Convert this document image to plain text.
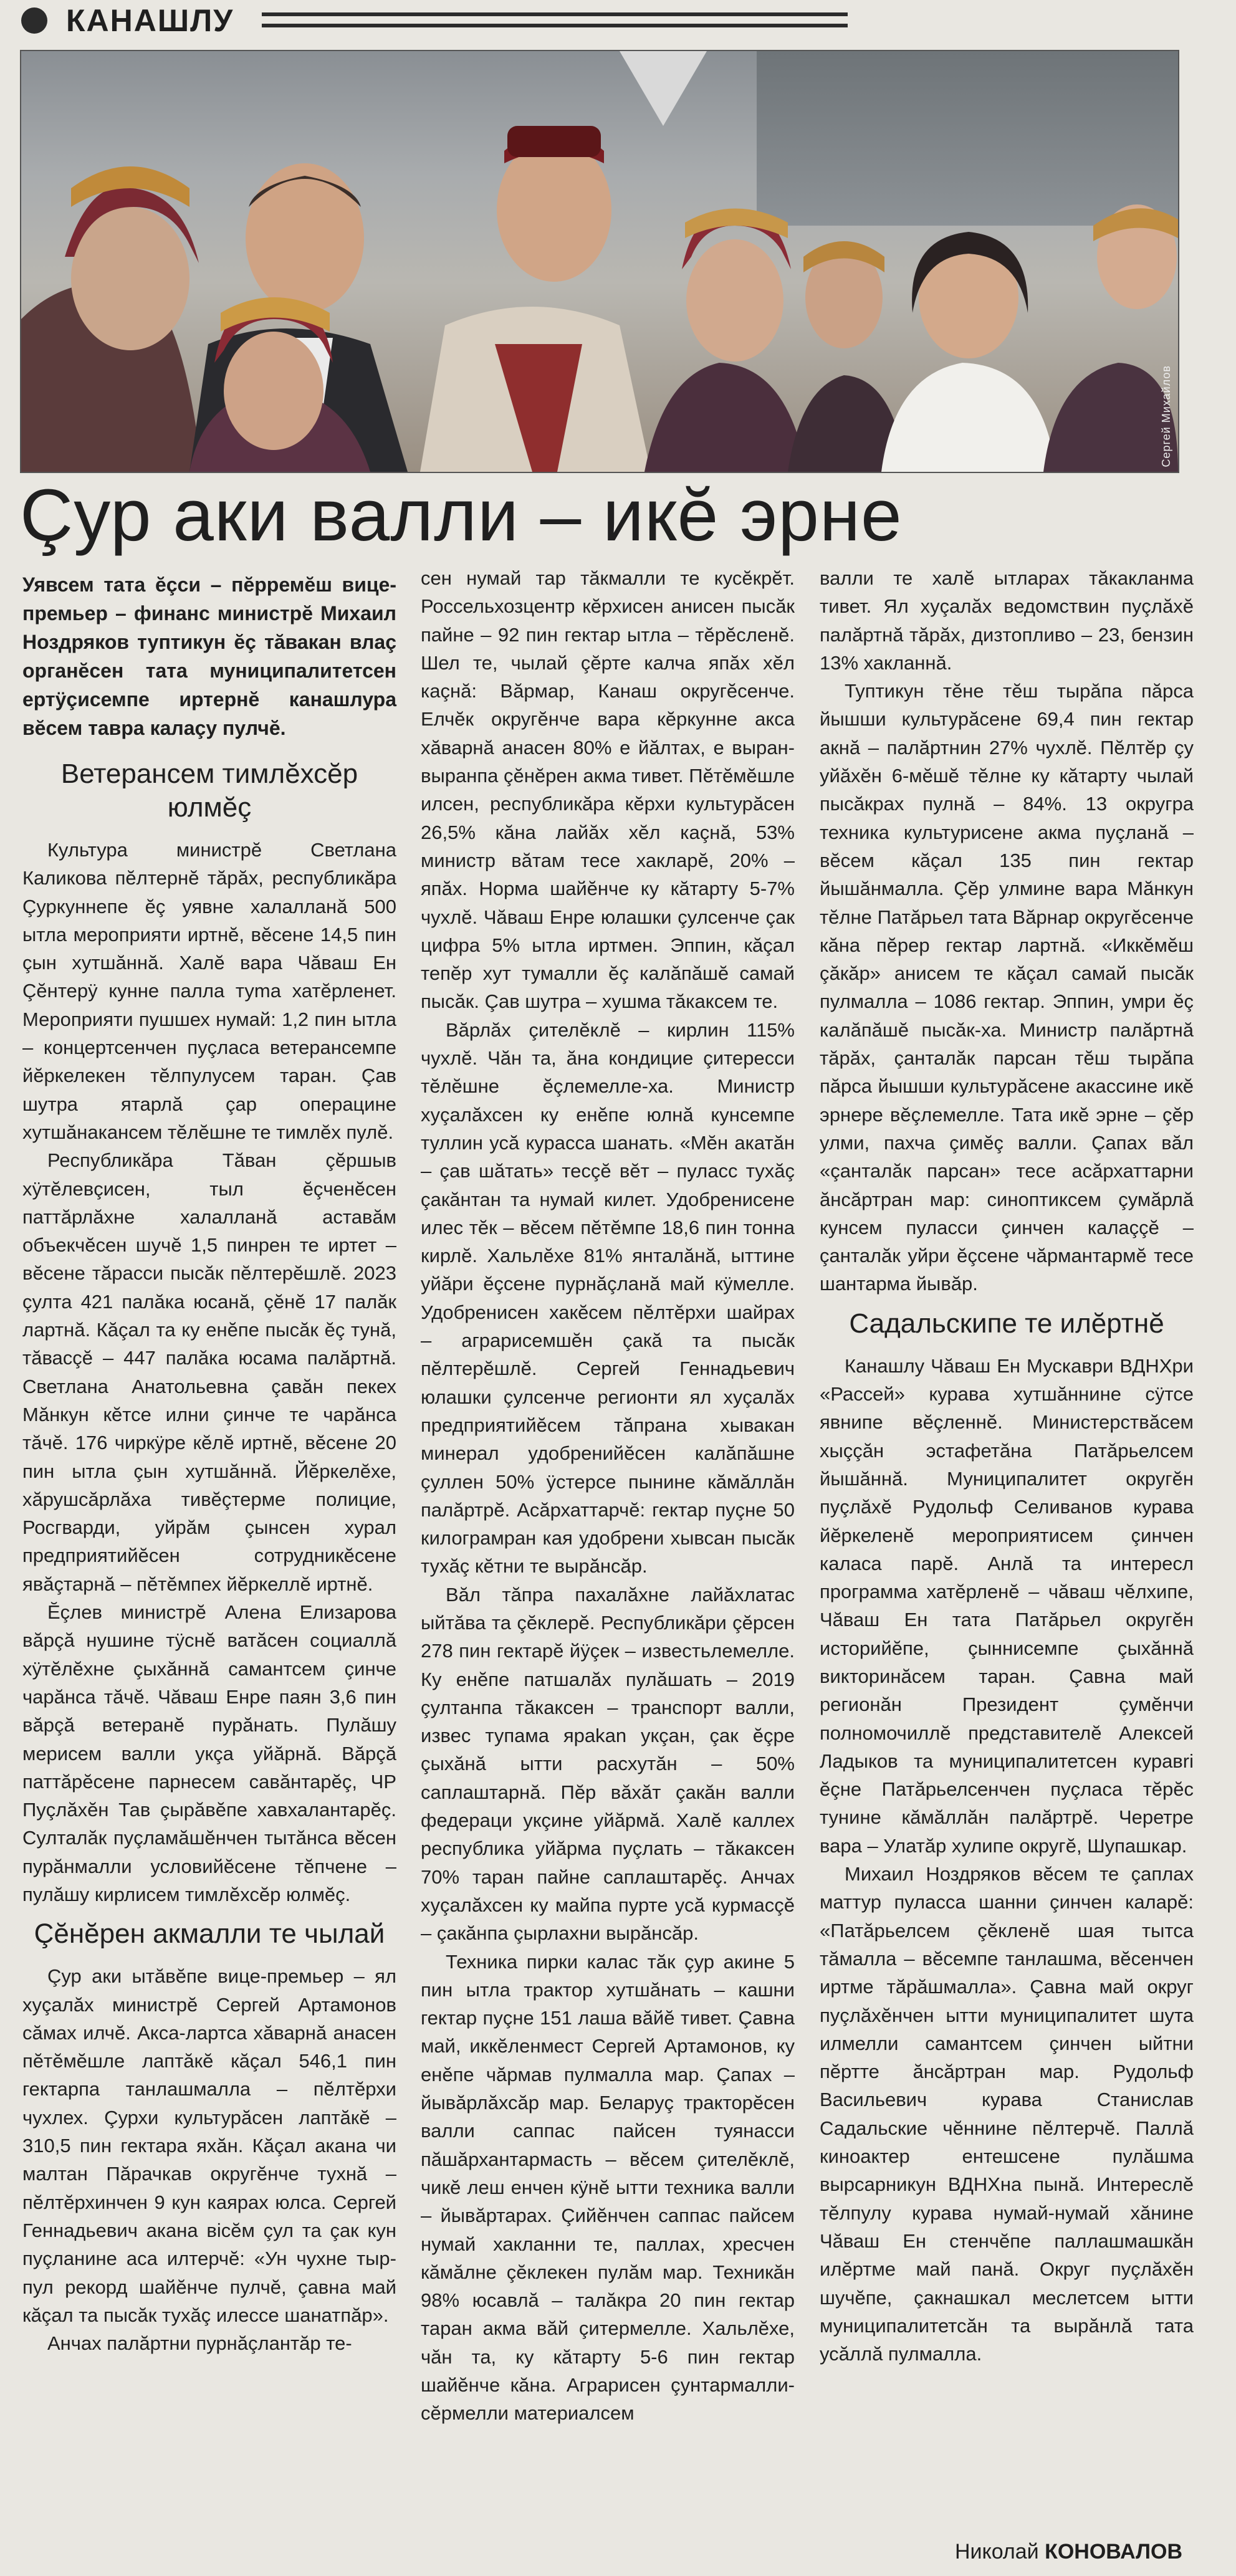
КАНАШЛУ
Сергей Михайлов
Çур аки валли – икĕ эрне

Уявсем тата ĕçси – пĕрремĕш вице-премьер – финанс министрĕ Михаил Ноздряков туптикун ĕç тăвакан влаç органĕсен тата муниципалитетсен ертÿçисемпе иртернĕ канашлура вĕсем тавра калаçу пулчĕ.

Ветерансем тимлĕхсĕр юлмĕç

Культура министрĕ Светлана Каликова пĕлтернĕ тăрăх, республикăра Çуркуннепе ĕç уявне халалланă 500 ытла мероприяти иртнĕ, вĕсене 14,5 пин çын хутшăннă. Халĕ вара Чăваш Ен Çĕнтерÿ кунне палла туma хатĕрленет. Мероприяти пушшех нумай: 1,2 пин ытла – концертсенчен пуçласа ветерансемпе йĕркелекен тĕлпулусем таран. Çав шутра ятарлă çар операцине хутшăнакансем тĕлĕшне те тимлĕх пулĕ.

Республикăра Тăван çĕршыв хÿтĕлевçисен, тыл ĕçченĕсен паттăрлăхне халалланă аставăм объекчĕсен шучĕ 1,5 пинрен те иртет – вĕсене тăрасси пысăк пĕлтерĕшлĕ. 2023 çулта 421 палăка юсанă, çĕнĕ 17 палăк лартнă. Кăçал та ку енĕпе пысăк ĕç тунă, тăвасçĕ – 447 палăка юсама палăртнă. Светлана Анатольевна çавăн пекех Мăнкун кĕтсе илни çинче те чарăнса тăчĕ. 176 чиркÿре кĕлĕ иртнĕ, вĕсене 20 пин ытла çын хутшăннă. Йĕркелĕхе, хăрушсăрлăха тивĕçтерме полицие, Росгварди, уйрăм çынсен хурал предприятийĕсен сотрудникĕсене явăçтарнă – пĕтĕмпех йĕркеллĕ иртнĕ.

Ĕçлев министрĕ Алена Елизарова вăрçă нушине тÿснĕ ватăсен социаллă хÿтĕлĕхне çыхăннă самантсем çинче чарăнса тăчĕ. Чăваш Енре паян 3,6 пин вăрçă ветеранĕ пурăнать. Пулăшу мерисем валли укçа уйăрнă. Вăрçă паттăрĕсене парнесем савăнтарĕç, ЧР Пуçлăхĕн Тав çырăвĕпе хавхалантарĕç. Султалăк пуçламăшĕнчен тытăнса вĕсен пурăнмалли условийĕсене тĕпчене – пулăшу кирлисем тимлĕхсĕр юлмĕç.

Çĕнĕрен акмалли те чылай

Çур аки ытăвĕпе вице-премьер – ял хуçалăх министрĕ Сергей Артамонов сăмах илчĕ. Акса-лартса хăварнă анасен пĕтĕмĕшле лаптăкĕ кăçал 546,1 пин гектарпа танлашмалла – пĕлтĕрхи чухлех. Çурхи культурăсен лаптăкĕ – 310,5 пин гектара яхăн. Кăçал акана чи малтан Пăрачкав округĕнче тухнă – пĕлтĕрхинчен 9 кун каярах юлса. Сергей Геннадьевич акана вісĕм çул та çак кун пуçланине аса илтерчĕ: «Ун чухне тыр-пул рекорд шайĕнче пулчĕ, çавна май кăçал та пысăк тухăç илессе шанатпăр».

Анчах палăртни пурнăçлантăр те-

сен нумай тар тăкмалли те кусĕкрĕт. Россельхозцентр кĕрхисен анисен пысăк пайне – 92 пин гектар ытла – тĕрĕсленĕ. Шел те, чылай çĕрте калча япăх хĕл каçнă: Вăрмар, Канаш округĕсенче. Елчĕк округĕнче вара кĕркунне акса хăварнă анасен 80% е йăлтах, е выран-выранпа çĕнĕрен акма тивет. Пĕтĕмĕшле илсен, республикăра кĕрхи культурăсен 26,5% кăна лайăх хĕл каçнă, 53% министр вăтам тесе хакларĕ, 20% – япăх. Норма шайĕнче ку кăтарту 5-7% чухлĕ. Чăваш Енре юлашки çулсенче çак цифра 5% ытла иртмен. Эппин, кăçал тепĕр хут тумалли ĕç калăпăшĕ самай пысăк. Çав шутра – хушма тăкаксем те.

Вăрлăх çителĕклĕ – кирлин 115% чухлĕ. Чăн та, ăна кондицие çитересси тĕлĕшне ĕçлемелле-ха. Министр хуçалăхсен ку енĕпе юлнă кунсемпе туллин усă курасса шанать. «Мĕн акатăн – çав шăтать» тесçĕ вĕт – пуласс тухăç çакăнтан та нумай килет. Удобренисене илес тĕк – вĕсем пĕтĕмпе 18,6 пин тонна кирлĕ. Хальлĕхе 81% янталăнă, ыттине уйăри ĕçсене пурнăçланă май кÿмелле. Удобренисен хакĕсем пĕлтĕрхи шайрах – аграрисемшĕн çакă та пысăк пĕлтерĕшлĕ. Сергей Геннадьевич юлашки çулсенче регионти ял хуçалăх предприятийĕсем тăпрана хывакан минерал удобренийĕсен калăпăшне çуллен 50% ÿстерсе пынине кăмăллăн палăртрĕ. Асăрхаттарчĕ: гектар пуçне 50 килограмран кая удобрени хывсан пысăк тухăç кĕтни те вырăнсăр.

Вăл тăпра пахалăхне лайăхлатас ыйтăва та çĕклерĕ. Республикăри çĕрсен 278 пин гектарĕ йÿçек – известьлемелле. Ку енĕпе патшалăх пулăшать – 2019 çултанпа тăкаксен – транспорт валли, извес тупама ярakan укçан, çак ĕçре çыхăнă ытти расхутăн – 50% саплаштарнă. Пĕр вăхăт çакăн валли федераци укçине уйăрмă. Халĕ каллех республика уйăрма пуçлать – тăкаксен 70% таран пайне саплаштарĕç. Анчах хуçалăхсен ку майпа пурте усă курмасçĕ – çакăнпа çырлахни вырăнсăр.

Техника пирки калас тăк çур акине 5 пин ытла трактор хутшăнать – кашни гектар пуçне 151 лаша вăйĕ тивет. Çавна май, иккĕленмест Сергей Артамонов, ку енĕпе чăрмав пулмалла мар. Çапах – йывăрлăхсăр мар. Беларуç тракторĕсен валли саппас пайсен туянасси пăшăрхантармасть – вĕсем çителĕклĕ, чикĕ леш енчен кÿнĕ ытти техника валли – йывăртарах. Çийĕнчен саппас пайсем нумай хакланни те, паллах, хресчен кăмăлне çĕклекен пулăм мар. Техникăн 98% юсавлă – талăкра 20 пин гектар таран акма вăй çитермелле. Хальлĕхе, чăн та, ку кăтарту 5-6 пин гектар шайĕнче кăна. Аграрисен çунтармалли-сĕрмелли материалсем

валли те халĕ ытларах тăкакланма тивет. Ял хуçалăх ведомствин пуçлăхĕ палăртнă тăрăх, дизтопливо – 23, бензин 13% хакланнă.

Туптикун тĕне тĕш тырăпа пăрса йышши культурăсене 69,4 пин гектар акнă – палăртнин 27% чухлĕ. Пĕлтĕр çу уйăхĕн 6-мĕшĕ тĕлне ку кăтарту чылай пысăкрах пулнă – 84%. 13 округра техника культурисене акма пуçланă – вĕсем кăçал 135 пин гектар йышăнмалла. Çĕр улмине вара Мăнкун тĕлне Патăрьел тата Вăрнар округĕсенче кăна пĕрер гектар лартнă. «Иккĕмĕш çăкăр» анисем те кăçал самай пысăк пулмалла – 1086 гектар. Эппин, умри ĕç калăпăшĕ пысăк-ха. Министр палăртнă тăрăх, çанталăк парсан тĕш тырăпа пăрса йышши культурăсене акассине икĕ эрнере вĕçлемелле. Тата икĕ эрне – çĕр улми, пахча çимĕç валли. Çапах вăл «çанталăк парсан» тесе асăрхаттарни ăнсăртран мар: синоптиксем çумăрлă кунсем пуласси çинчен калаççĕ – çанталăк уйри ĕçсене чăрмантармĕ тесе шантарма йывăр.

Садальскипе те илĕртнĕ

Канашлу Чăваш Ен Мускаври ВДНХри «Рассей» курава хутшăннине сÿтсе явнипе вĕçленнĕ. Министерствăсем хыççăн эстафетăна Патăрьелсем йышăннă. Муниципалитет округĕн пуçлăхĕ Рудольф Селиванов курава йĕркеленĕ мероприятисем çинчен каласа парĕ. Анлă та интересл программа хатĕрленĕ – чăваш чĕлхипе, Чăваш Ен тата Патăрьел округĕн историйĕпе, çыннисемпе çыхăннă викторинăсем таран. Çавна май регионăн Президент çумĕнчи полномочиллĕ представителĕ Алексей Ладыков та муниципалитетсен куравri ĕçне Патăрьелсенчен пуçласа тĕрĕс тунине кăмăллăн палăртрĕ. Черетре вара – Улатăр хулипе округĕ, Шупашкар.

Михаил Ноздряков вĕсем те çаплах маттур пуласса шанни çинчен каларĕ: «Патăрьелсем çĕкленĕ шая тытса тăмалла – вĕсемпе танлашма, вĕсенчен иртме тăрăшмалла». Çавна май округ пуçлăхĕнчен ытти муниципалитет шута илмелли самантсем çинчен ыйтни пĕртте ăнсăртран мар. Рудольф Васильевич курава Станислав Садальские чĕннине пĕлтерчĕ. Паллă киноактер ентешсене пулăшма вырсарникун ВДНХна пынă. Интереслĕ тĕлпулу курава нумай-нумай хăнине Чăваш Ен стенчĕпе паллашмашкăн илĕртме май панă. Округ пуçлăхĕн шучĕпе, çакнашкал меслетсем ытти муниципалитетсăн та вырăнлă тата усăллă пулмалла.

Николай КОНОВАЛОВ
